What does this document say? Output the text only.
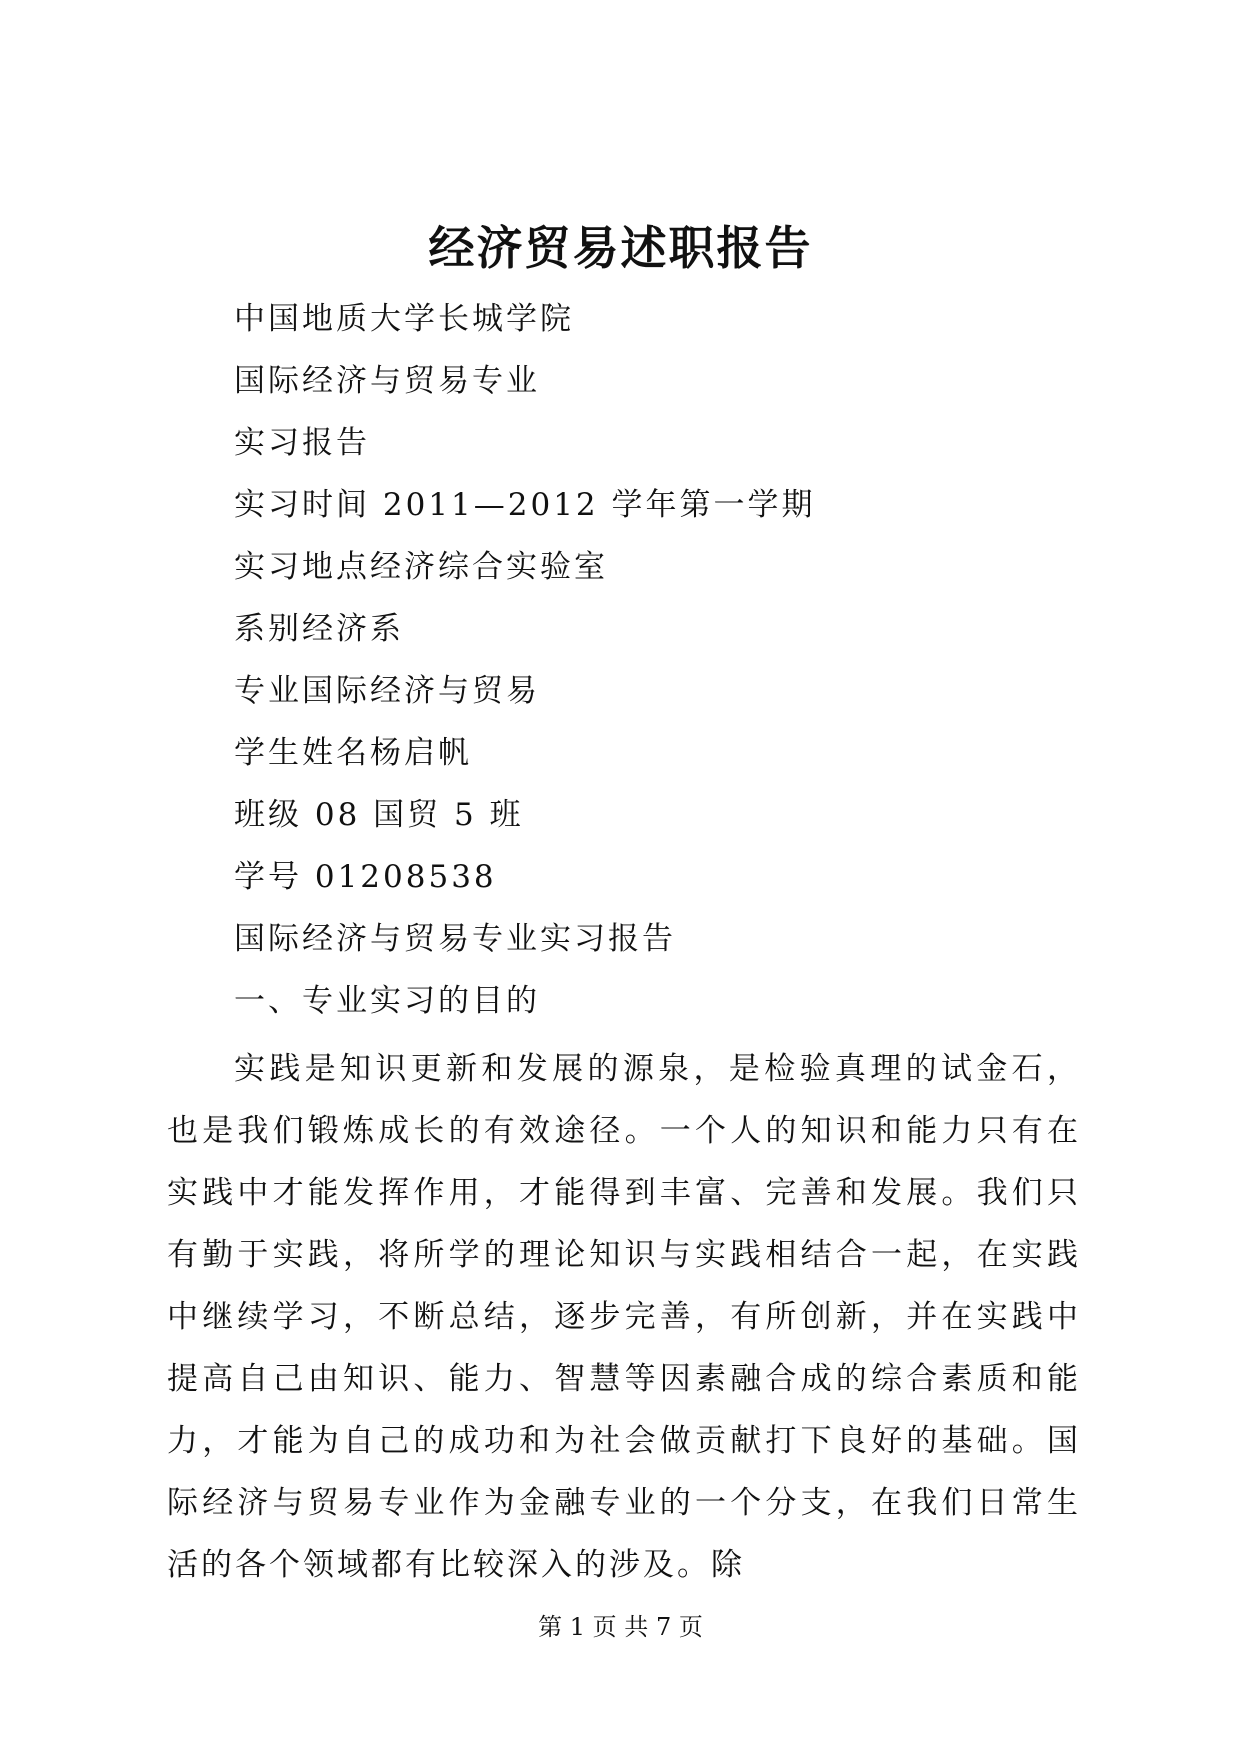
经济贸易述职报告
中国地质大学长城学院
国际经济与贸易专业
实习报告
实习时间 2011—2012 学年第一学期
实习地点经济综合实验室
系别经济系
专业国际经济与贸易
学生姓名杨启帆
班级 08 国贸 5 班
学号 01208538
国际经济与贸易专业实习报告
一、专业实习的目的
实践是知识更新和发展的源泉，是检验真理的试金石，也是我们锻炼成长的有效途径。一个人的知识和能力只有在实践中才能发挥作用，才能得到丰富、完善和发展。我们只有勤于实践，将所学的理论知识与实践相结合一起，在实践中继续学习，不断总结，逐步完善，有所创新，并在实践中提高自己由知识、能力、智慧等因素融合成的综合素质和能力，才能为自己的成功和为社会做贡献打下良好的基础。国际经济与贸易专业作为金融专业的一个分支，在我们日常生活的各个领域都有比较深入的涉及。除
第 1 页 共 7 页
